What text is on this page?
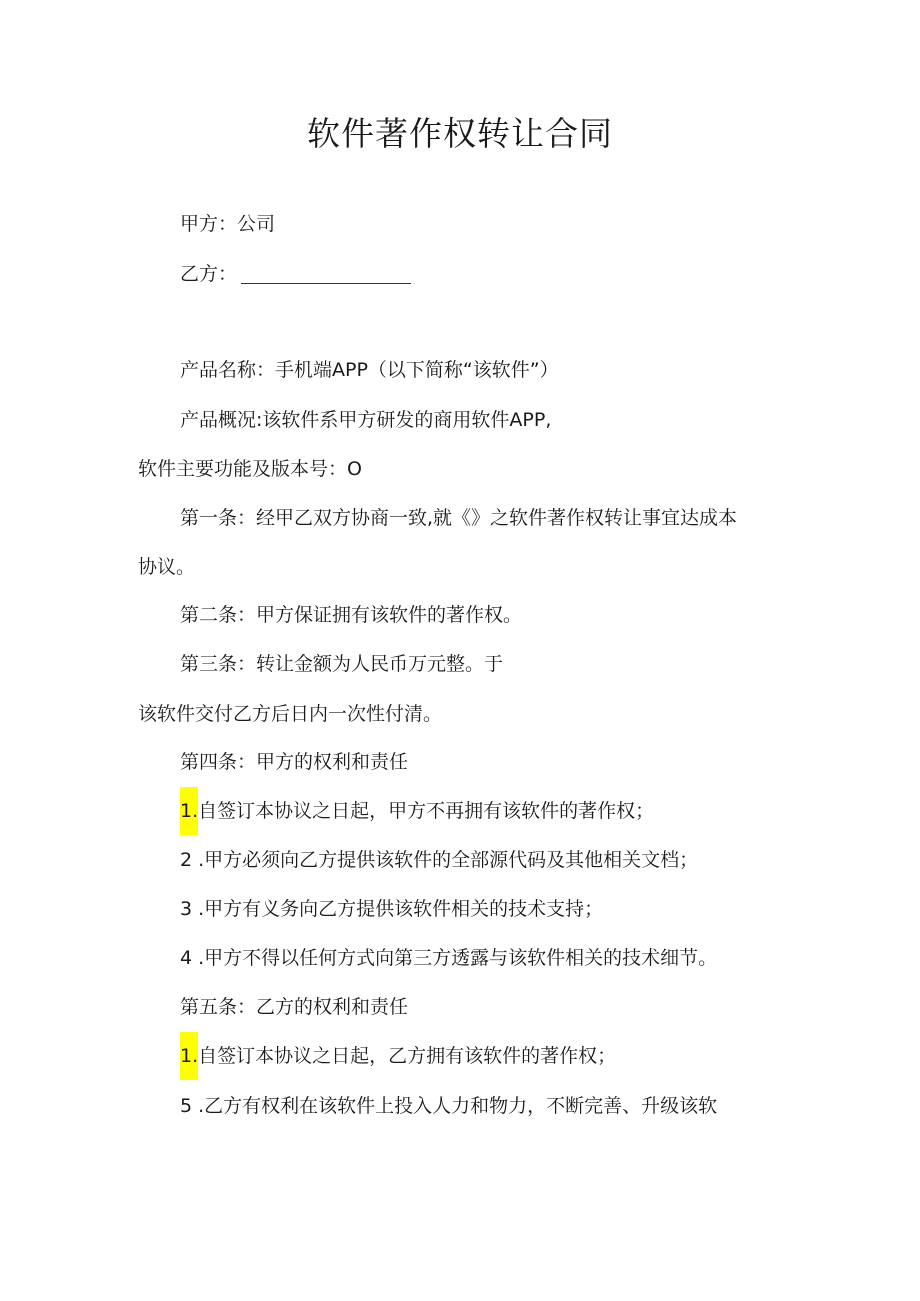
软件著作权转让合同
甲方：公司
乙方：
产品名称：手机端APP（以下简称“该软件”）
产品概况:该软件系甲方研发的商用软件APP,
软件主要功能及版本号：O
第一条：经甲乙双方协商一致,就《》之软件著作权转让事宜达成本
协议。
第二条：甲方保证拥有该软件的著作权。
第三条：转让金额为人民币万元整。于
该软件交付乙方后日内一次性付清。
第四条：甲方的权利和责任
1.自签订本协议之日起，甲方不再拥有该软件的著作权；
2 .甲方必须向乙方提供该软件的全部源代码及其他相关文档；
3 .甲方有义务向乙方提供该软件相关的技术支持；
4 .甲方不得以任何方式向第三方透露与该软件相关的技术细节。
第五条：乙方的权利和责任
1.自签订本协议之日起，乙方拥有该软件的著作权；
5 .乙方有权利在该软件上投入人力和物力，不断完善、升级该软
